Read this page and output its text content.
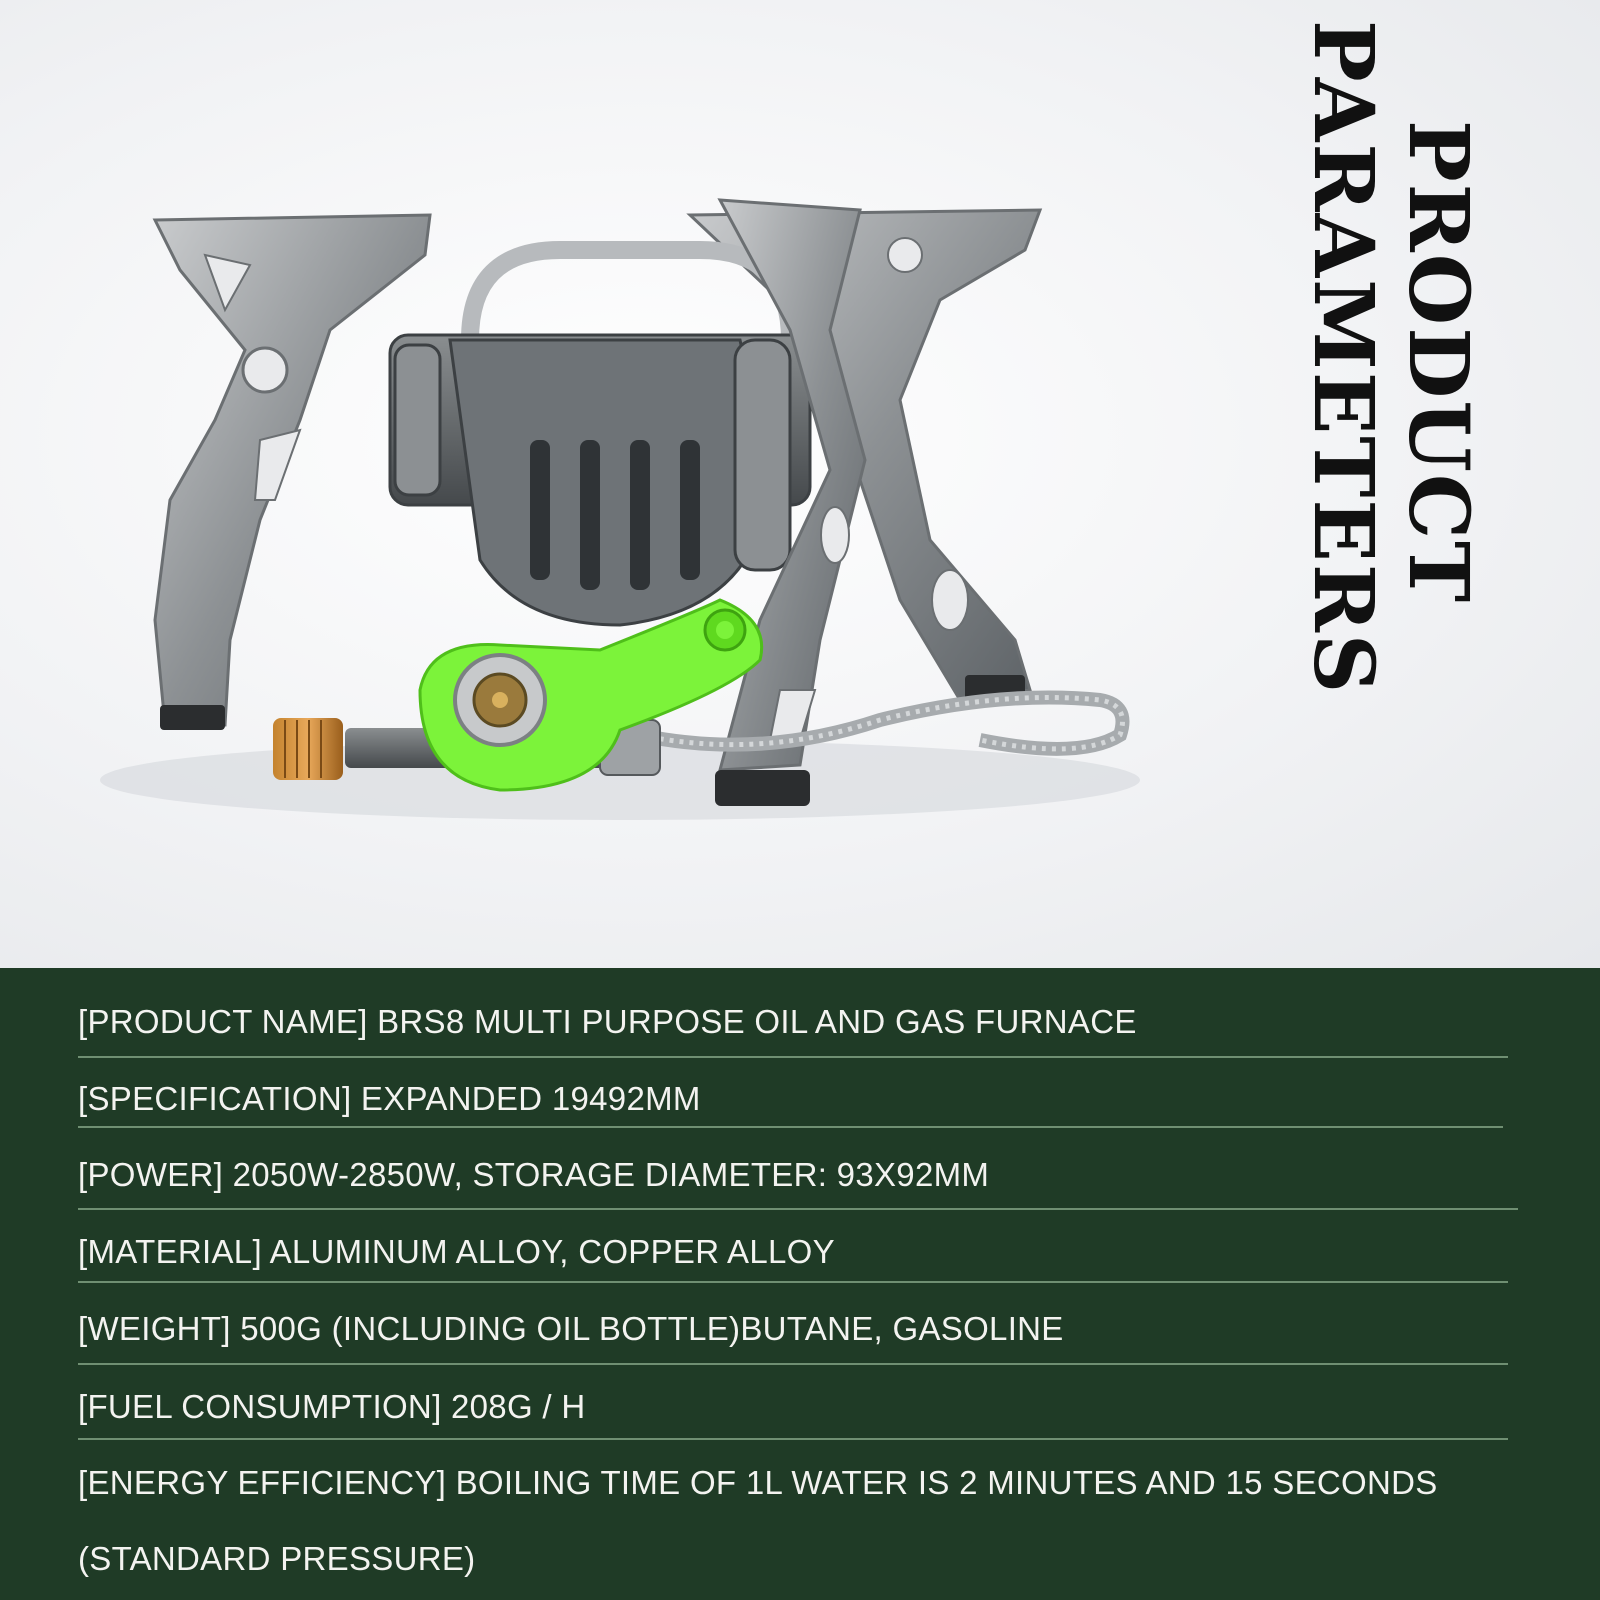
PRODUCT
PARAMETERS
[PRODUCT NAME] BRS8 MULTI PURPOSE OIL AND GAS FURNACE
[SPECIFICATION] EXPANDED 19492MM
[POWER] 2050W-2850W, STORAGE DIAMETER: 93X92MM
[MATERIAL] ALUMINUM ALLOY, COPPER ALLOY
[WEIGHT] 500G (INCLUDING OIL BOTTLE)BUTANE, GASOLINE
[FUEL CONSUMPTION] 208G / H
[ENERGY EFFICIENCY] BOILING TIME OF 1L WATER IS 2 MINUTES AND 15 SECONDS
(STANDARD PRESSURE)
